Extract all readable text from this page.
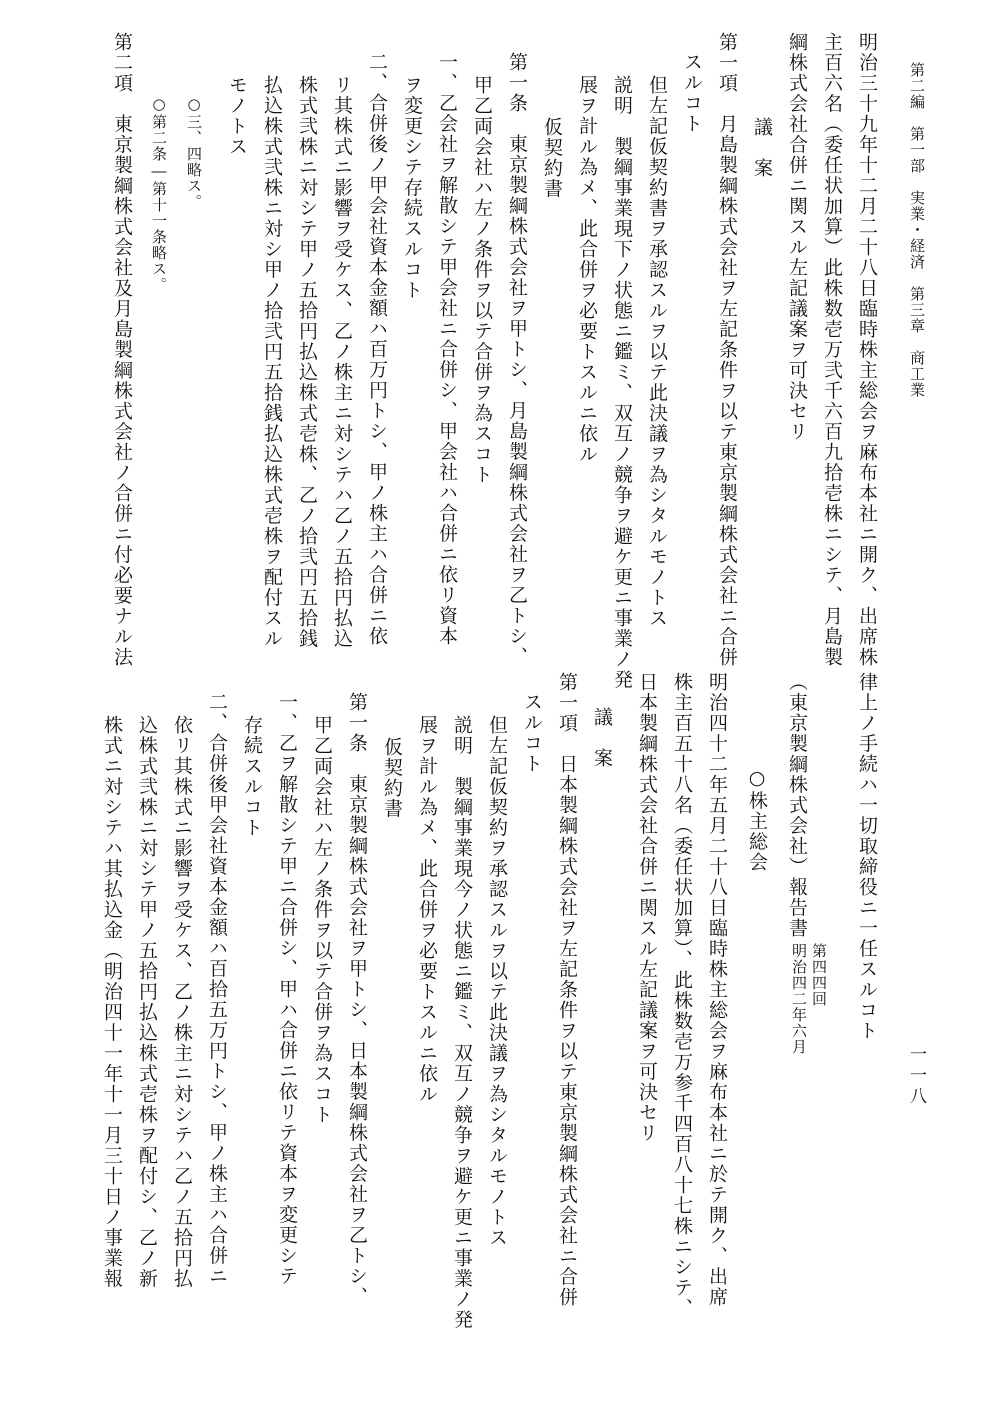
第二編　第一部　実業・経済　第三章　商工業
一一八
明治三十九年十二月二十八日臨時株主総会ヲ麻布本社ニ開ク、出席株
主百六名（委任状加算）此株数壱万弐千六百九拾壱株ニシテ、月島製
綱株式会社合併ニ関スル左記議案ヲ可決セリ
議　案
第一項　月島製綱株式会社ヲ左記条件ヲ以テ東京製綱株式会社ニ合併
スルコト
但左記仮契約書ヲ承認スルヲ以テ此決議ヲ為シタルモノトス
説明　製綱事業現下ノ状態ニ鑑ミ、双互ノ競争ヲ避ケ更ニ事業ノ発
展ヲ計ル為メ、此合併ヲ必要トスルニ依ル
仮契約書
第一条　東京製綱株式会社ヲ甲トシ、月島製綱株式会社ヲ乙トシ、
甲乙両会社ハ左ノ条件ヲ以テ合併ヲ為スコト
一、乙会社ヲ解散シテ甲会社ニ合併シ、甲会社ハ合併ニ依リ資本
ヲ変更シテ存続スルコト
二、合併後ノ甲会社資本金額ハ百万円トシ、甲ノ株主ハ合併ニ依
リ其株式ニ影響ヲ受ケス、乙ノ株主ニ対シテハ乙ノ五拾円払込
株式弐株ニ対シテ甲ノ五拾円払込株式壱株、乙ノ拾弐円五拾銭
払込株式弐株ニ対シ甲ノ拾弐円五拾銭払込株式壱株ヲ配付スル
モノトス
○三、四略ス。
○第二条―第十一条略ス。
第二項　東京製綱株式会社及月島製綱株式会社ノ合併ニ付必要ナル法
律上ノ手続ハ一切取締役ニ一任スルコト
（東京製綱株式会社）報告書
第四四回
明治四二年六月
○株主総会
明治四十二年五月二十八日臨時株主総会ヲ麻布本社ニ於テ開ク、出席
株主百五十八名（委任状加算）、此株数壱万参千四百八十七株ニシテ、
日本製綱株式会社合併ニ関スル左記議案ヲ可決セリ
議　案
第一項　日本製綱株式会社ヲ左記条件ヲ以テ東京製綱株式会社ニ合併
スルコト
但左記仮契約ヲ承認スルヲ以テ此決議ヲ為シタルモノトス
説明　製綱事業現今ノ状態ニ鑑ミ、双互ノ競争ヲ避ケ更ニ事業ノ発
展ヲ計ル為メ、此合併ヲ必要トスルニ依ル
仮契約書
第一条　東京製綱株式会社ヲ甲トシ、日本製綱株式会社ヲ乙トシ、
甲乙両会社ハ左ノ条件ヲ以テ合併ヲ為スコト
一、乙ヲ解散シテ甲ニ合併シ、甲ハ合併ニ依リテ資本ヲ変更シテ
存続スルコト
二、合併後甲会社資本金額ハ百拾五万円トシ、甲ノ株主ハ合併ニ
依リ其株式ニ影響ヲ受ケス、乙ノ株主ニ対シテハ乙ノ五拾円払
込株式弐株ニ対シテ甲ノ五拾円払込株式壱株ヲ配付シ、乙ノ新
株式ニ対シテハ其払込金（明治四十一年十一月三十日ノ事業報
